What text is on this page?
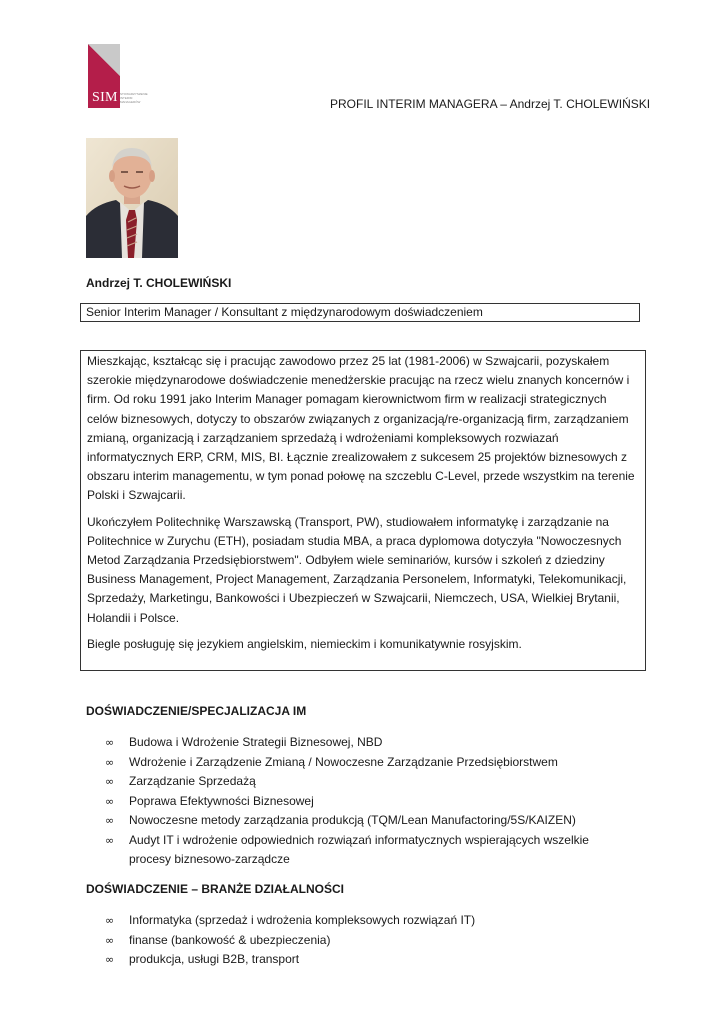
SIM STOWARZYSZENIE
INTERIM
MANAGERÓW	PROFIL INTERIM MANAGERA – Andrzej T. CHOLEWIŃSKI
Andrzej T. CHOLEWIŃSKI
Senior Interim Manager / Konsultant z międzynarodowym doświadczeniem

Mieszkając, kształcąc się i pracując zawodowo przez 25 lat (1981-2006) w Szwajcarii, pozyskałem szerokie międzynarodowe doświadczenie menedżerskie pracując na rzecz wielu znanych koncernów i firm. Od roku 1991 jako Interim Manager pomagam kierownictwom firm w realizacji strategicznych celów biznesowych, dotyczy to obszarów związanych z organizacją/re-organizacją firm, zarządzaniem zmianą, organizacją i zarządzaniem sprzedażą i wdrożeniami kompleksowych rozwiazań informatycznych ERP, CRM, MIS, BI. Łącznie zrealizowałem z sukcesem 25 projektów biznesowych z obszaru interim managementu, w tym ponad połowę na szczeblu C-Level, przede wszystkim na terenie Polski i Szwajcarii.

Ukończyłem Politechnikę Warszawską (Transport, PW), studiowałem informatykę i zarządzanie na Politechnice w Zurychu (ETH), posiadam studia MBA, a praca dyplomowa dotyczyła "Nowoczesnych Metod Zarządzania Przedsiębiorstwem". Odbyłem wiele seminariów, kursów i szkoleń z dziedziny Business Management, Project Management, Zarządzania Personelem, Informatyki, Telekomunikacji, Sprzedaży, Marketingu, Bankowości i Ubezpieczeń w Szwajcarii, Niemczech, USA, Wielkiej Brytanii, Holandii i Polsce.

Biegle posługuję się jezykiem angielskim, niemieckim i komunikatywnie rosyjskim.

DOŚWIADCZENIE/SPECJALIZACJA IM
∞ Budowa i Wdrożenie Strategii Biznesowej, NBD
∞ Wdrożenie i Zarządzenie Zmianą / Nowoczesne Zarządzanie Przedsiębiorstwem
∞ Zarządzanie Sprzedażą
∞ Poprawa Efektywności Biznesowej
∞ Nowoczesne metody zarządzania produkcją (TQM/Lean Manufactoring/5S/KAIZEN)
∞ Audyt IT i wdrożenie odpowiednich rozwiązań informatycznych wspierających wszelkie procesy biznesowo-zarządcze
DOŚWIADCZENIE – BRANŻE DZIAŁALNOŚCI
∞ Informatyka (sprzedaż i wdrożenia kompleksowych rozwiązań IT)
∞ finanse (bankowość & ubezpieczenia)
∞ produkcja, usługi B2B, transport
